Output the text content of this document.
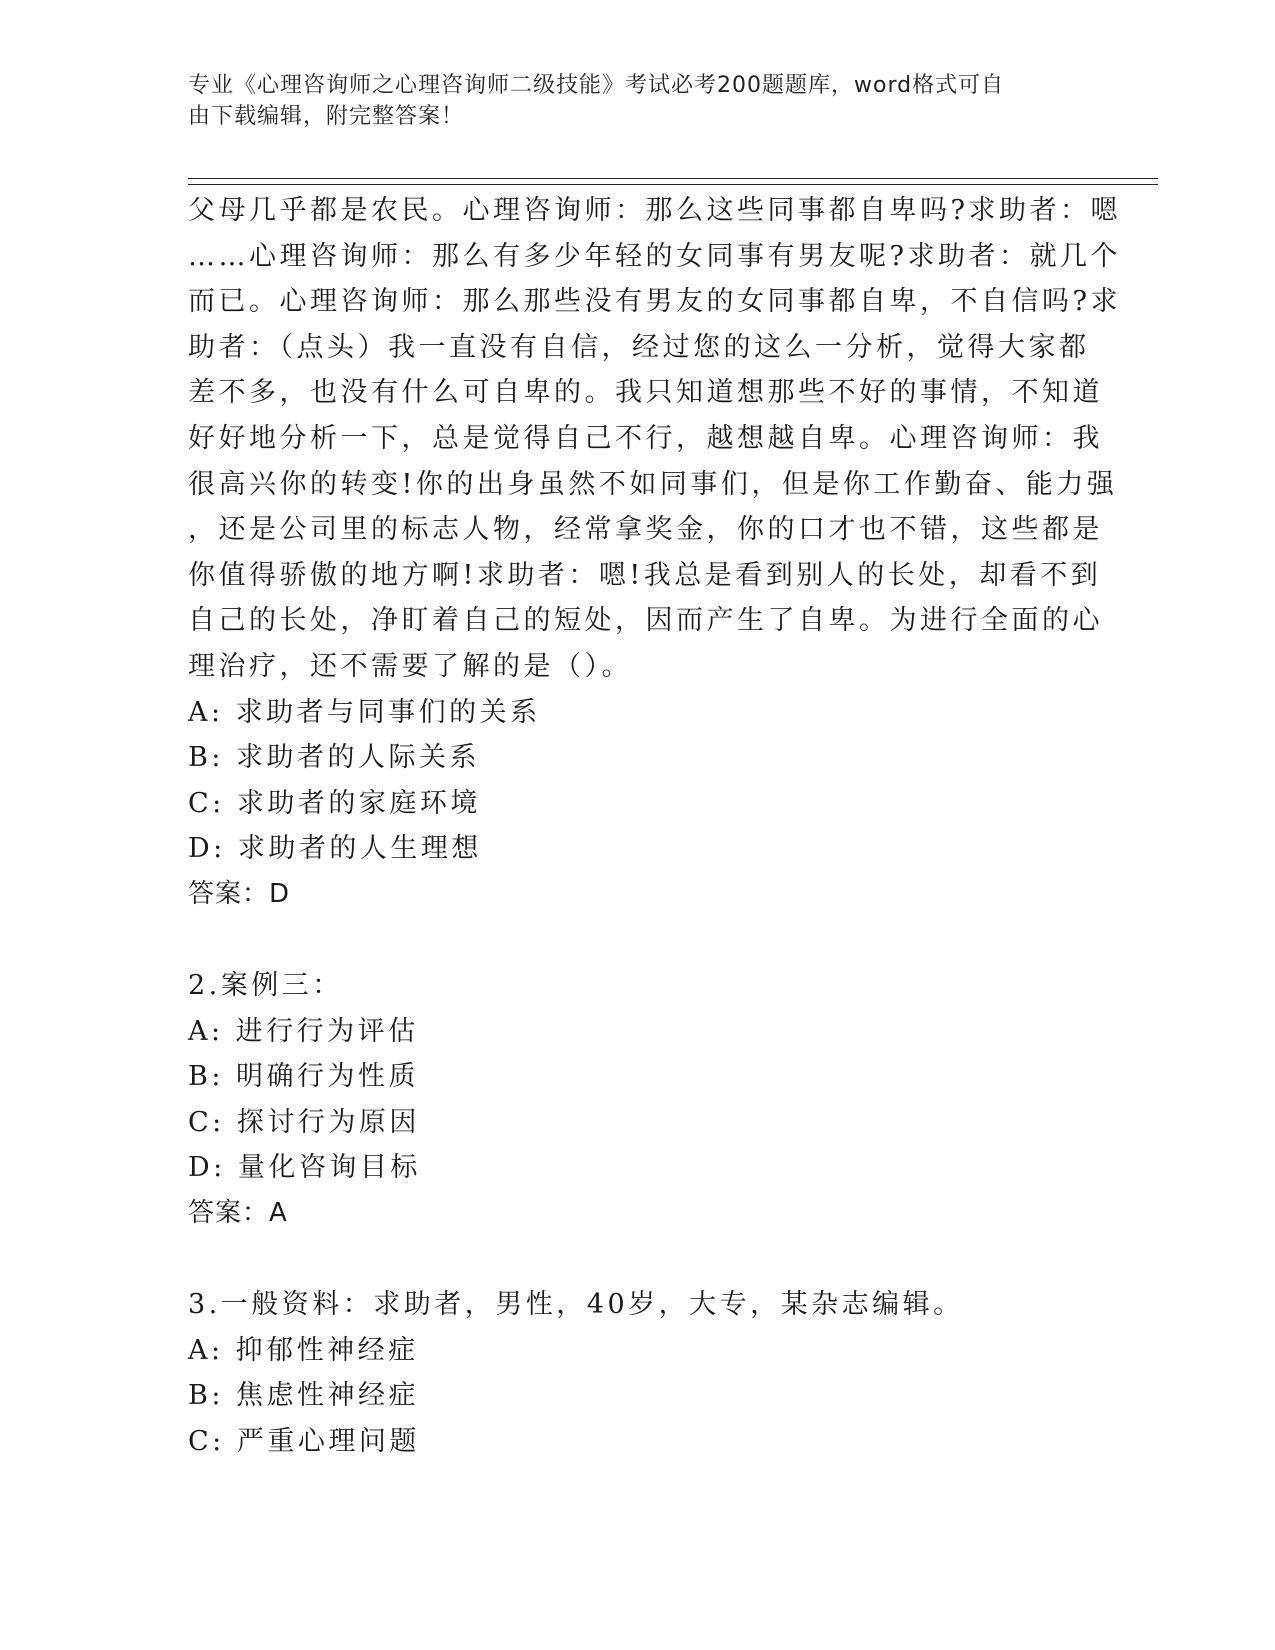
专业《心理咨询师之心理咨询师二级技能》考试必考200题题库，word格式可自
由下载编辑，附完整答案！
父母几乎都是农民。心理咨询师：那么这些同事都自卑吗?求助者：嗯
……心理咨询师：那么有多少年轻的女同事有男友呢?求助者：就几个
而已。心理咨询师：那么那些没有男友的女同事都自卑，不自信吗?求
助者：（点头）我一直没有自信，经过您的这么一分析，觉得大家都
差不多，也没有什么可自卑的。我只知道想那些不好的事情，不知道
好好地分析一下，总是觉得自己不行，越想越自卑。心理咨询师：我
很高兴你的转变!你的出身虽然不如同事们，但是你工作勤奋、能力强
，还是公司里的标志人物，经常拿奖金，你的口才也不错，这些都是
你值得骄傲的地方啊!求助者：嗯!我总是看到别人的长处，却看不到
自己的长处，净盯着自己的短处，因而产生了自卑。为进行全面的心
理治疗，还不需要了解的是（）。
A: 求助者与同事们的关系
B: 求助者的人际关系
C: 求助者的家庭环境
D: 求助者的人生理想
答案：D
2.案例三：
A: 进行行为评估
B: 明确行为性质
C: 探讨行为原因
D: 量化咨询目标
答案：A
3.一般资料：求助者，男性，40岁，大专，某杂志编辑。
A: 抑郁性神经症
B: 焦虑性神经症
C: 严重心理问题
